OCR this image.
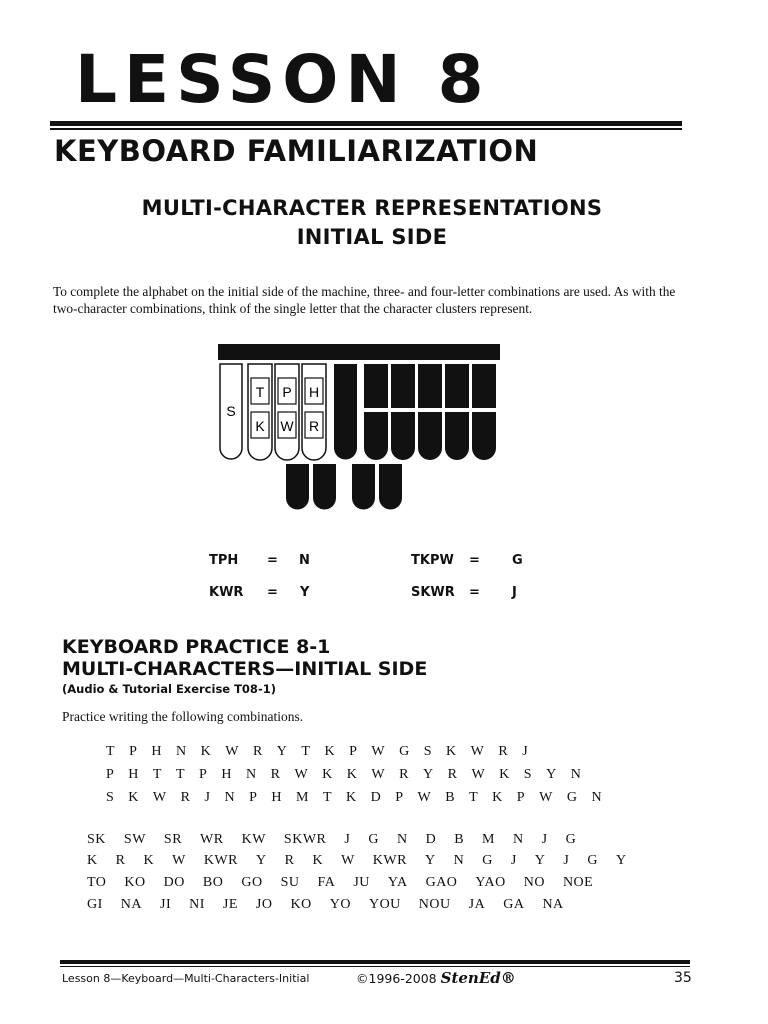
LESSON 8
KEYBOARD FAMILIARIZATION
MULTI-CHARACTER REPRESENTATIONS
INITIAL SIDE
To complete the alphabet on the initial side of the machine, three- and four-letter combinations are used. As with the two-character combinations, think of the single letter that the character clusters represent.
S
T
K
P
W
H
R
TPH = N	TKPW = G
KWR = Y	SKWR = J
KEYBOARD PRACTICE 8-1
MULTI-CHARACTERS—INITIAL SIDE
(Audio & Tutorial Exercise T08-1)
Practice writing the following combinations.
T P H N K W R Y T K P W G S K W R J
P H T T P H N R W K K W R Y R W K S Y N
S K W R J N P H M T K D P W B T K P W G N
SK SW SR WR KW SKWR J G N D B M N J G
K R K W KWR Y R K W KWR Y N G J Y J G Y
TO KO DO BO GO SU FA JU YA GAO YAO NO NOE
GI NA JI NI JE JO KO YO YOU NOU JA GA NA
Lesson 8—Keyboard—Multi-Characters-Initial	©1996-2008 StenEd®	35
